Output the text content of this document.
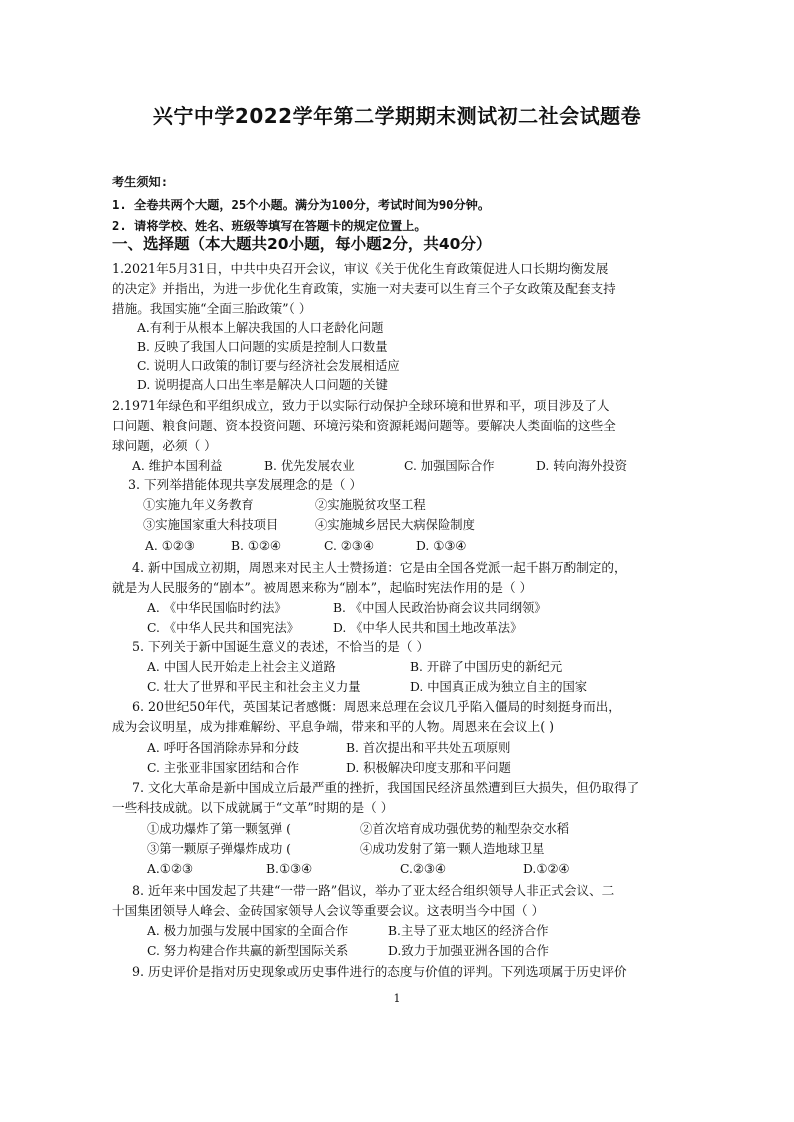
兴宁中学2022学年第二学期期末测试初二社会试题卷
考生须知:
1. 全卷共两个大题，25个小题。满分为100分，考试时间为90分钟。
2. 请将学校、姓名、班级等填写在答题卡的规定位置上。
一、选择题（本大题共20小题，每小题2分，共40分）
1.2021年5月31日，中共中央召开会议，审议《关于优化生育政策促进人口长期均衡发展
的决定》并指出，为进一步优化生育政策，实施一对夫妻可以生育三个子女政策及配套支持
措施。我国实施“全面三胎政策”（ ）
A.有利于从根本上解决我国的人口老龄化问题
B. 反映了我国人口问题的实质是控制人口数量
C. 说明人口政策的制订要与经济社会发展相适应
D. 说明提高人口出生率是解决人口问题的关键
2.1971年绿色和平组织成立，致力于以实际行动保护全球环境和世界和平，项目涉及了人
口问题、粮食问题、资本投资问题、环境污染和资源耗竭问题等。要解决人类面临的这些全
球问题，必须（ ）
A. 维护本国利益	B. 优先发展农业	C. 加强国际合作	D. 转向海外投资
3. 下列举措能体现共享发展理念的是（ ）
①实施九年义务教育	②实施脱贫攻坚工程
③实施国家重大科技项目	④实施城乡居民大病保险制度
A. ①②③	B. ①②④	C. ②③④	D. ①③④
4. 新中国成立初期，周恩来对民主人士赞扬道：它是由全国各党派一起千斟万酌制定的，
就是为人民服务的“剧本”。被周恩来称为“剧本”，起临时宪法作用的是（ ）
A. 《中华民国临时约法》	B. 《中国人民政治协商会议共同纲领》
C. 《中华人民共和国宪法》	D. 《中华人民共和国土地改革法》
5. 下列关于新中国诞生意义的表述，不恰当的是（ ）
A. 中国人民开始走上社会主义道路	B. 开辟了中国历史的新纪元
C. 壮大了世界和平民主和社会主义力量	D. 中国真正成为独立自主的国家
6. 20世纪50年代，英国某记者感慨：周恩来总理在会议几乎陷入僵局的时刻挺身而出，
成为会议明星，成为排难解纷、平息争端，带来和平的人物。周恩来在会议上( )
A. 呼吁各国消除赤异和分歧	B. 首次提出和平共处五项原则
C. 主张亚非国家团结和合作	D. 积极解决印度支那和平问题
7. 文化大革命是新中国成立后最严重的挫折，我国国民经济虽然遭到巨大损失，但仍取得了
一些科技成就。以下成就属于“文革”时期的是（ ）
①成功爆炸了第一颗氢弹 (	②首次培育成功强优势的籼型杂交水稻
③第一颗原子弹爆炸成功 (	④成功发射了第一颗人造地球卫星
A.①②③	B.①③④	C.②③④	D.①②④
8. 近年来中国发起了共建“一带一路”倡议，举办了亚太经合组织领导人非正式会议、二
十国集团领导人峰会、金砖国家领导人会议等重要会议。这表明当今中国（ ）
A. 极力加强与发展中国家的全面合作	B.主导了亚太地区的经济合作
C. 努力构建合作共赢的新型国际关系	D.致力于加强亚洲各国的合作
9. 历史评价是指对历史现象或历史事件进行的态度与价值的评判。下列选项属于历史评价
1
